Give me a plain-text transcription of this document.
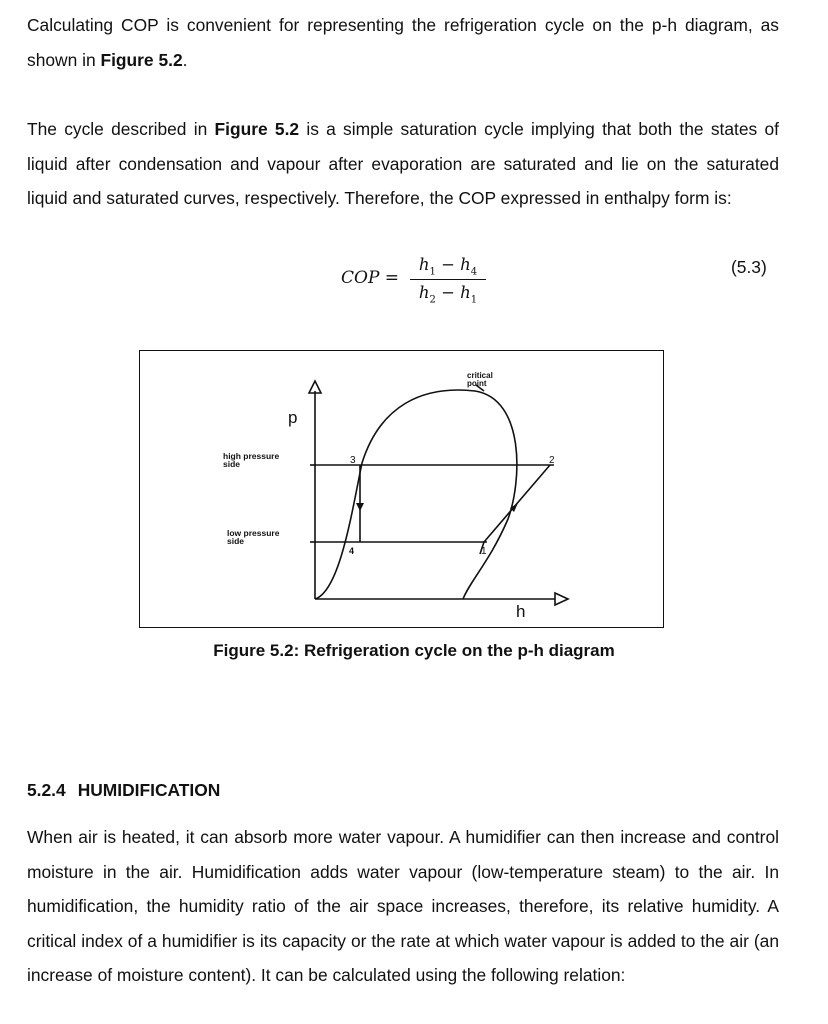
Calculating COP is convenient for representing the refrigeration cycle on the p-h diagram, as shown in Figure 5.2.

The cycle described in Figure 5.2 is a simple saturation cycle implying that both the states of liquid after condensation and vapour after evaporation are saturated and lie on the saturated liquid and saturated curves, respectively. Therefore, the COP expressed in enthalpy form is:

COP =
$h_1 - h_4$
$h_2 - h_1$
(5.3)
critical
point
p
h
high pressure
side
low pressure
side
3	2
4	1
Figure 5.2: Refrigeration cycle on the p-h diagram
5.2.4 HUMIDIFICATION

When air is heated, it can absorb more water vapour. A humidifier can then increase and control moisture in the air. Humidification adds water vapour (low-temperature steam) to the air. In humidification, the humidity ratio of the air space increases, therefore, its relative humidity. A critical index of a humidifier is its capacity or the rate at which water vapour is added to the air (an increase of moisture content). It can be calculated using the following relation:
